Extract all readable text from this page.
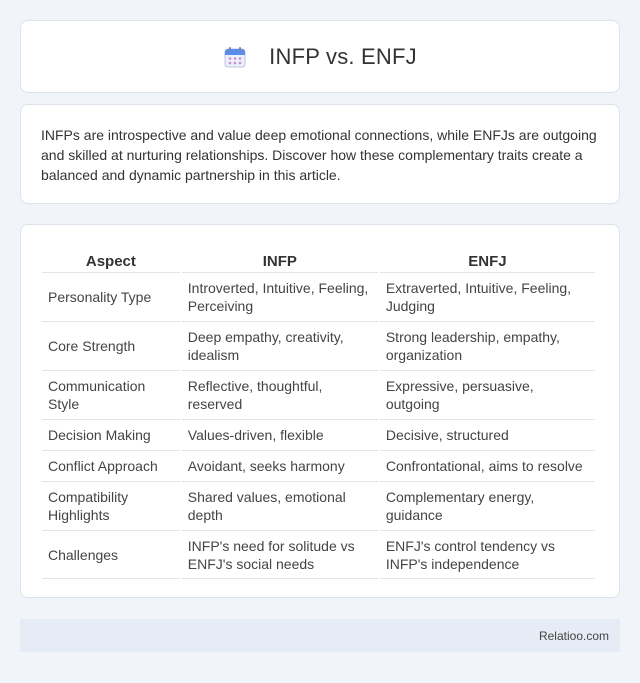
INFP vs. ENFJ

INFPs are introspective and value deep emotional connections, while ENFJs are outgoing and skilled at nurturing relationships. Discover how these complementary traits create a balanced and dynamic partnership in this article.

Aspect	INFP	ENFJ
Personality Type	Introverted, Intuitive, Feeling, Perceiving	Extraverted, Intuitive, Feeling, Judging
Core Strength	Deep empathy, creativity, idealism	Strong leadership, empathy, organization
Communication Style	Reflective, thoughtful, reserved	Expressive, persuasive, outgoing
Decision Making	Values-driven, flexible	Decisive, structured
Conflict Approach	Avoidant, seeks harmony	Confrontational, aims to resolve
Compatibility Highlights	Shared values, emotional depth	Complementary energy, guidance
Challenges	INFP's need for solitude vs ENFJ's social needs	ENFJ's control tendency vs INFP's independence
Relatioo.com
